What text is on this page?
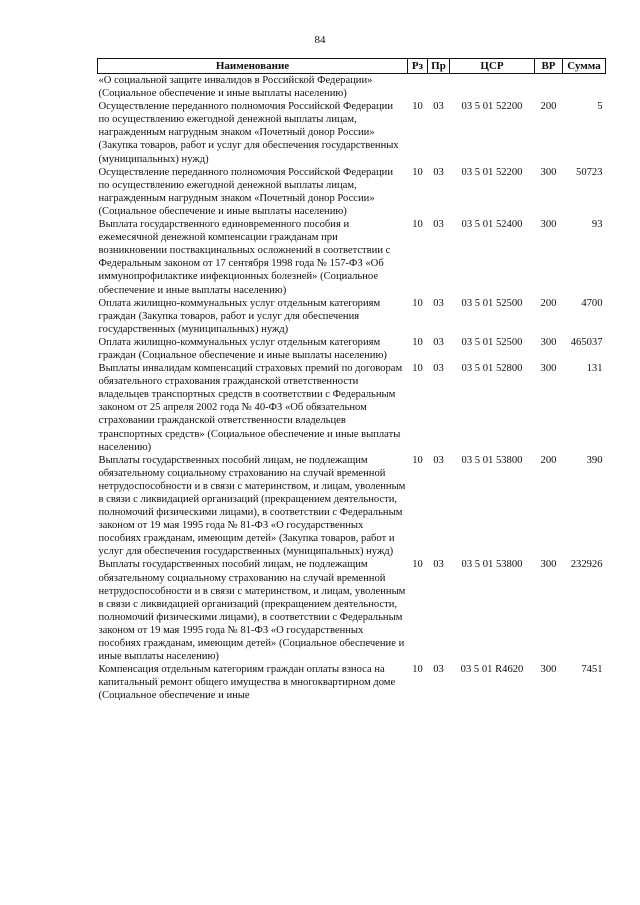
84
Наименование	Рз	Пр	ЦСР	ВР	Сумма
«О социальной защите инвалидов в Российской Федерации» (Социальное обеспечение и иные выплаты населению)					
Осуществление переданного полномочия Российской Федерации по осуществлению ежегодной денежной выплаты лицам, награжденным нагрудным знаком «Почетный донор России» (Закупка товаров, работ и услуг для обеспечения государственных (муниципальных) нужд)	10	03	03 5 01 52200	200	5
Осуществление переданного полномочия Российской Федерации по осуществлению ежегодной денежной выплаты лицам, награжденным нагрудным знаком «Почетный донор России» (Социальное обеспечение и иные выплаты населению)	10	03	03 5 01 52200	300	50723
Выплата государственного единовременного пособия и ежемесячной денежной компенсации гражданам при возникновении поствакцинальных осложнений в соответствии с Федеральным законом от 17 сентября 1998 года № 157-ФЗ «Об иммунопрофилактике инфекционных болезней» (Социальное обеспечение и иные выплаты населению)	10	03	03 5 01 52400	300	93
Оплата жилищно-коммунальных услуг отдельным категориям граждан (Закупка товаров, работ и услуг для обеспечения государственных (муниципальных) нужд)	10	03	03 5 01 52500	200	4700
Оплата жилищно-коммунальных услуг отдельным категориям граждан (Социальное обеспечение и иные выплаты населению)	10	03	03 5 01 52500	300	465037
Выплаты инвалидам компенсаций страховых премий по договорам обязательного страхования гражданской ответственности владельцев транспортных средств в соответствии с Федеральным законом от 25 апреля 2002 года № 40-ФЗ «Об обязательном страховании гражданской ответственности владельцев транспортных средств» (Социальное обеспечение и иные выплаты населению)	10	03	03 5 01 52800	300	131
Выплаты государственных пособий лицам, не подлежащим обязательному социальному страхованию на случай временной нетрудоспособности и в связи с материнством, и лицам, уволенным в связи с ликвидацией организаций (прекращением деятельности, полномочий физическими лицами), в соответствии с Федеральным законом от 19 мая 1995 года № 81-ФЗ «О государственных пособиях гражданам, имеющим детей» (Закупка товаров, работ и услуг для обеспечения государственных (муниципальных) нужд)	10	03	03 5 01 53800	200	390
Выплаты государственных пособий лицам, не подлежащим обязательному социальному страхованию на случай временной нетрудоспособности и в связи с материнством, и лицам, уволенным в связи с ликвидацией организаций (прекращением деятельности, полномочий физическими лицами), в соответствии с Федеральным законом от 19 мая 1995 года № 81-ФЗ «О государственных пособиях гражданам, имеющим детей» (Социальное обеспечение и иные выплаты населению)	10	03	03 5 01 53800	300	232926
Компенсация отдельным категориям граждан оплаты взноса на капитальный ремонт общего имущества в многоквартирном доме (Социальное обеспечение и иные	10	03	03 5 01 R4620	300	7451
